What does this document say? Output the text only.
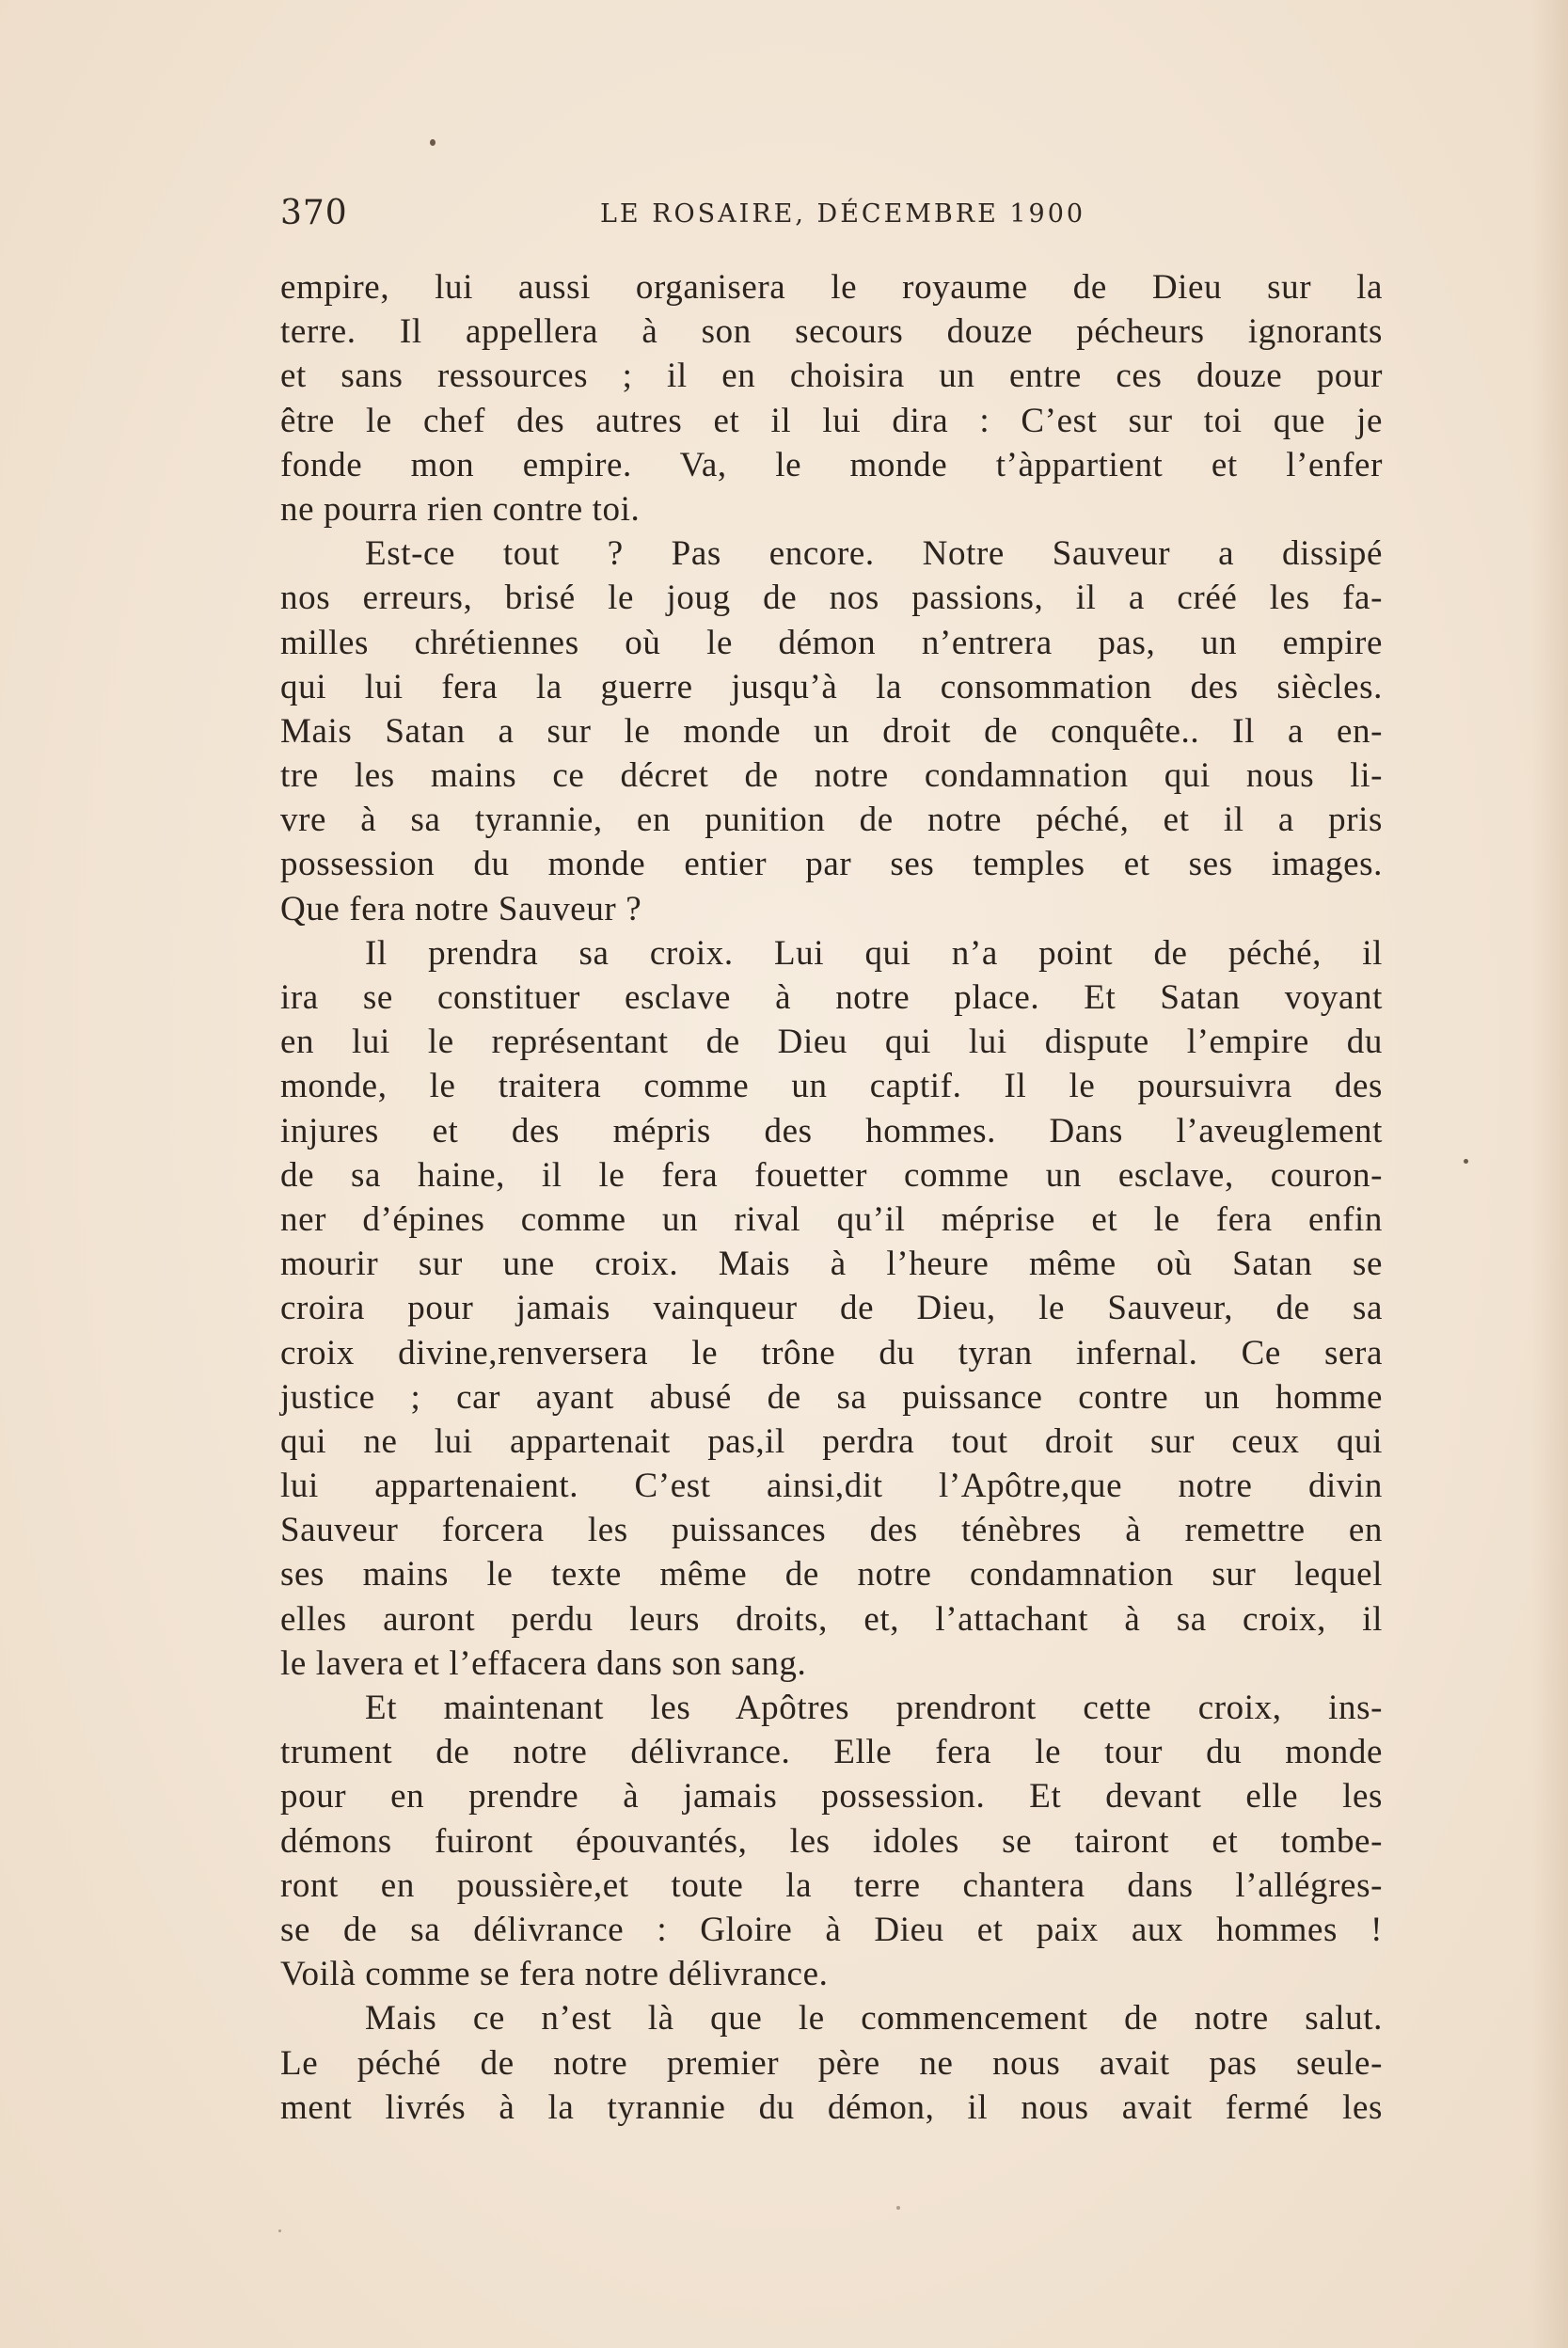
370	LE ROSAIRE, DÉCEMBRE 1900
empire, lui aussi organisera le royaume de Dieu sur la
terre. Il appellera à son secours douze pécheurs ignorants
et sans ressources ; il en choisira un entre ces douze pour
être le chef des autres et il lui dira : C’est sur toi que je
fonde mon empire. Va, le monde t’àppartient et l’enfer
ne pourra rien contre toi.
Est-ce tout ? Pas encore. Notre Sauveur a dissipé
nos erreurs, brisé le joug de nos passions, il a créé les fa-
milles chrétiennes où le démon n’entrera pas, un empire
qui lui fera la guerre jusqu’à la consommation des siècles.
Mais Satan a sur le monde un droit de conquête.. Il a en-
tre les mains ce décret de notre condamnation qui nous li-
vre à sa tyrannie, en punition de notre péché, et il a pris
possession du monde entier par ses temples et ses images.
Que fera notre Sauveur ?
Il prendra sa croix. Lui qui n’a point de péché, il
ira se constituer esclave à notre place. Et Satan voyant
en lui le représentant de Dieu qui lui dispute l’empire du
monde, le traitera comme un captif. Il le poursuivra des
injures et des mépris des hommes. Dans l’aveuglement
de sa haine, il le fera fouetter comme un esclave, couron-
ner d’épines comme un rival qu’il méprise et le fera enfin
mourir sur une croix. Mais à l’heure même où Satan se
croira pour jamais vainqueur de Dieu, le Sauveur, de sa
croix divine,renversera le trône du tyran infernal. Ce sera
justice ; car ayant abusé de sa puissance contre un homme
qui ne lui appartenait pas,il perdra tout droit sur ceux qui
lui appartenaient. C’est ainsi,dit l’Apôtre,que notre divin
Sauveur forcera les puissances des ténèbres à remettre en
ses mains le texte même de notre condamnation sur lequel
elles auront perdu leurs droits, et, l’attachant à sa croix, il
le lavera et l’effacera dans son sang.
Et maintenant les Apôtres prendront cette croix, ins-
trument de notre délivrance. Elle fera le tour du monde
pour en prendre à jamais possession. Et devant elle les
démons fuiront épouvantés, les idoles se tairont et tombe-
ront en poussière,et toute la terre chantera dans l’allégres-
se de sa délivrance : Gloire à Dieu et paix aux hommes !
Voilà comme se fera notre délivrance.
Mais ce n’est là que le commencement de notre salut.
Le péché de notre premier père ne nous avait pas seule-
ment livrés à la tyrannie du démon, il nous avait fermé les
